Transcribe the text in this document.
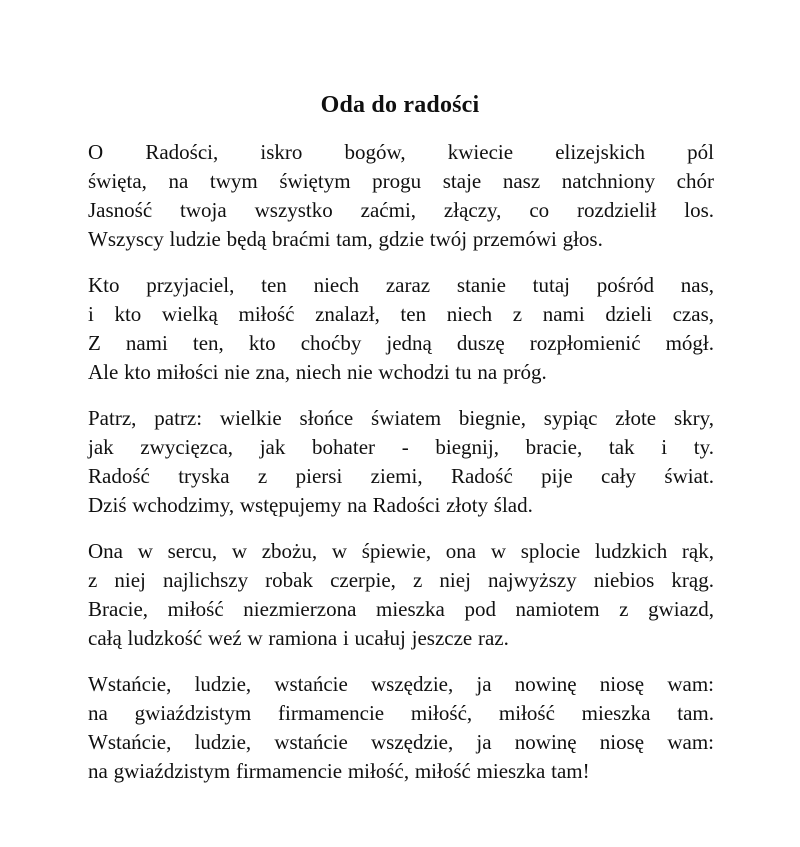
Oda do radości
O Radości, iskro bogów, kwiecie elizejskich pól
święta, na twym świętym progu staje nasz natchniony chór
Jasność twoja wszystko zaćmi, złączy, co rozdzielił los.
Wszyscy ludzie będą braćmi tam, gdzie twój przemówi głos.
Kto przyjaciel, ten niech zaraz stanie tutaj pośród nas,
i kto wielką miłość znalazł, ten niech z nami dzieli czas,
Z nami ten, kto choćby jedną duszę rozpłomienić mógł.
Ale kto miłości nie zna, niech nie wchodzi tu na próg.
Patrz, patrz: wielkie słońce światem biegnie, sypiąc złote skry,
jak zwycięzca, jak bohater - biegnij, bracie, tak i ty.
Radość tryska z piersi ziemi, Radość pije cały świat.
Dziś wchodzimy, wstępujemy na Radości złoty ślad.
Ona w sercu, w zbożu, w śpiewie, ona w splocie ludzkich rąk,
z niej najlichszy robak czerpie, z niej najwyższy niebios krąg.
Bracie, miłość niezmierzona mieszka pod namiotem z gwiazd,
całą ludzkość weź w ramiona i ucałuj jeszcze raz.
Wstańcie, ludzie, wstańcie wszędzie, ja nowinę niosę wam:
na gwiaździstym firmamencie miłość, miłość mieszka tam.
Wstańcie, ludzie, wstańcie wszędzie, ja nowinę niosę wam:
na gwiaździstym firmamencie miłość, miłość mieszka tam!
